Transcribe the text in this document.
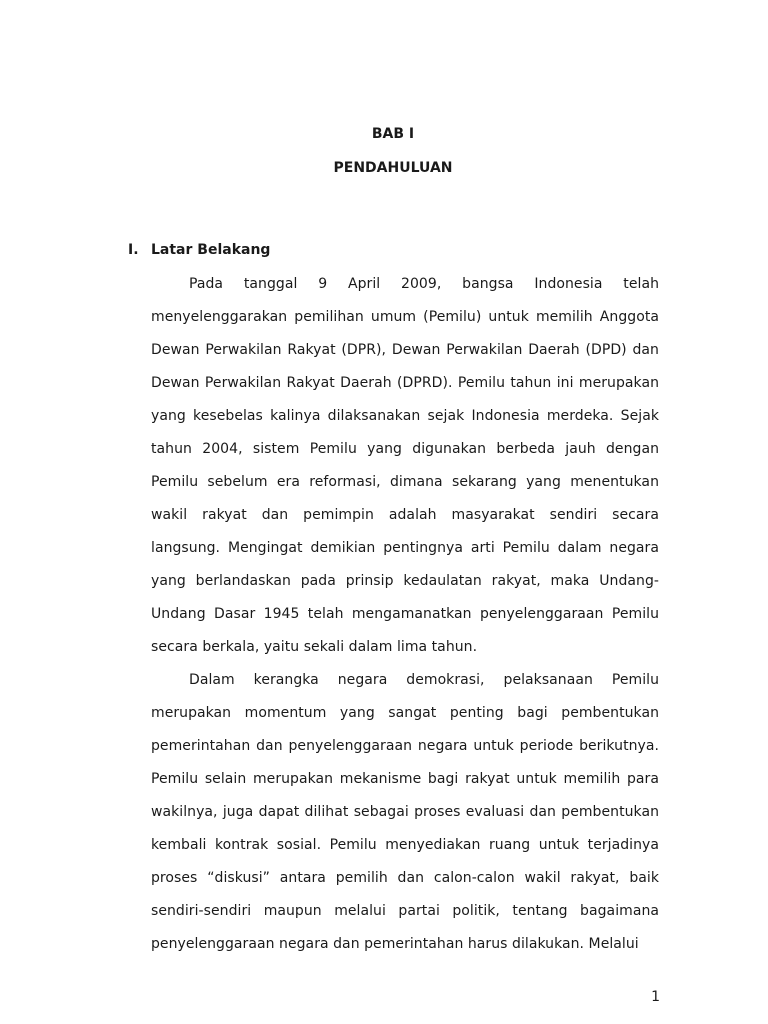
BAB I
PENDAHULUAN
I. Latar Belakang

Pada tanggal 9 April 2009, bangsa Indonesia telah menyelenggarakan pemilihan umum (Pemilu) untuk memilih Anggota Dewan Perwakilan Rakyat (DPR), Dewan Perwakilan Daerah (DPD) dan Dewan Perwakilan Rakyat Daerah (DPRD). Pemilu tahun ini merupakan yang kesebelas kalinya dilaksanakan sejak Indonesia merdeka. Sejak tahun 2004, sistem Pemilu yang digunakan berbeda jauh dengan Pemilu sebelum era reformasi, dimana sekarang yang menentukan wakil rakyat dan pemimpin adalah masyarakat sendiri secara langsung. Mengingat demikian pentingnya arti Pemilu dalam negara yang berlandaskan pada prinsip kedaulatan rakyat, maka Undang-Undang Dasar 1945 telah mengamanatkan penyelenggaraan Pemilu secara berkala, yaitu sekali dalam lima tahun.

Dalam kerangka negara demokrasi, pelaksanaan Pemilu merupakan momentum yang sangat penting bagi pembentukan pemerintahan dan penyelenggaraan negara untuk periode berikutnya. Pemilu selain merupakan mekanisme bagi rakyat untuk memilih para wakilnya, juga dapat dilihat sebagai proses evaluasi dan pembentukan kembali kontrak sosial. Pemilu menyediakan ruang untuk terjadinya proses “diskusi” antara pemilih dan calon-calon wakil rakyat, baik sendiri-sendiri maupun melalui partai politik, tentang bagaimana penyelenggaraan negara dan pemerintahan harus dilakukan. Melalui

1
